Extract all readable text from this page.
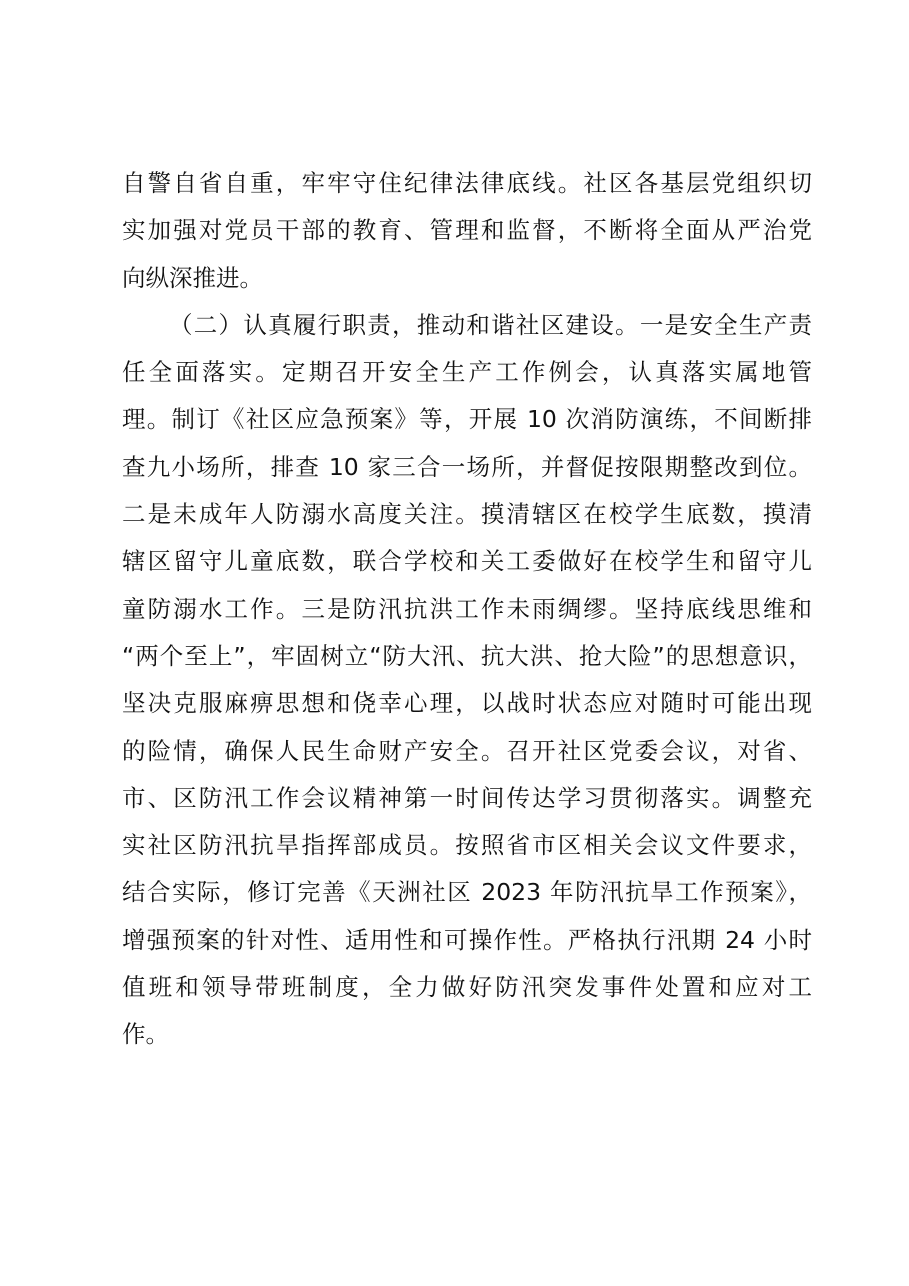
自警自省自重，牢牢守住纪律法律底线。社区各基层党组织切
实加强对党员干部的教育、管理和监督，不断将全面从严治党
向纵深推进。
（二）认真履行职责，推动和谐社区建设。一是安全生产责
任全面落实。定期召开安全生产工作例会，认真落实属地管
理。制订《社区应急预案》等，开展 10 次消防演练，不间断排
查九小场所，排查 10 家三合一场所，并督促按限期整改到位。
二是未成年人防溺水高度关注。摸清辖区在校学生底数，摸清
辖区留守儿童底数，联合学校和关工委做好在校学生和留守儿
童防溺水工作。三是防汛抗洪工作未雨绸缪。坚持底线思维和
“两个至上”，牢固树立“防大汛、抗大洪、抢大险”的思想意识，
坚决克服麻痹思想和侥幸心理，以战时状态应对随时可能出现
的险情，确保人民生命财产安全。召开社区党委会议，对省、
市、区防汛工作会议精神第一时间传达学习贯彻落实。调整充
实社区防汛抗旱指挥部成员。按照省市区相关会议文件要求，
结合实际，修订完善《天洲社区 2023 年防汛抗旱工作预案》，
增强预案的针对性、适用性和可操作性。严格执行汛期 24 小时
值班和领导带班制度，全力做好防汛突发事件处置和应对工
作。
